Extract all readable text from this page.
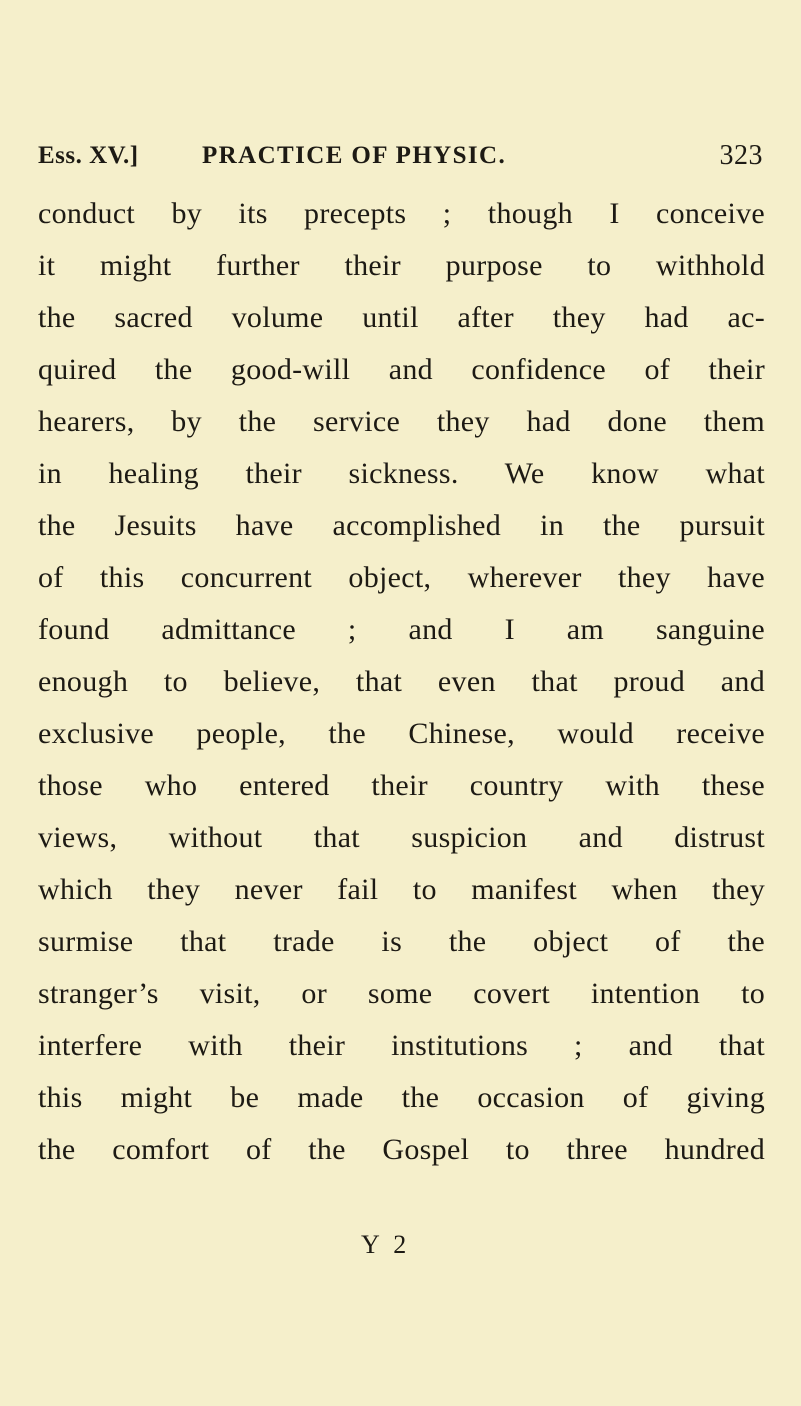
Ess. XV.]	PRACTICE OF PHYSIC.	323
conduct by its precepts ; though I conceive
it might further their purpose to withhold
the sacred volume until after they had ac-
quired the good-will and confidence of their
hearers, by the service they had done them
in healing their sickness. We know what
the Jesuits have accomplished in the pursuit
of this concurrent object, wherever they have
found admittance ; and I am sanguine
enough to believe, that even that proud and
exclusive people, the Chinese, would receive
those who entered their country with these
views, without that suspicion and distrust
which they never fail to manifest when they
surmise that trade is the object of the
stranger’s visit, or some covert intention to
interfere with their institutions ; and that
this might be made the occasion of giving
the comfort of the Gospel to three hundred
Y 2
